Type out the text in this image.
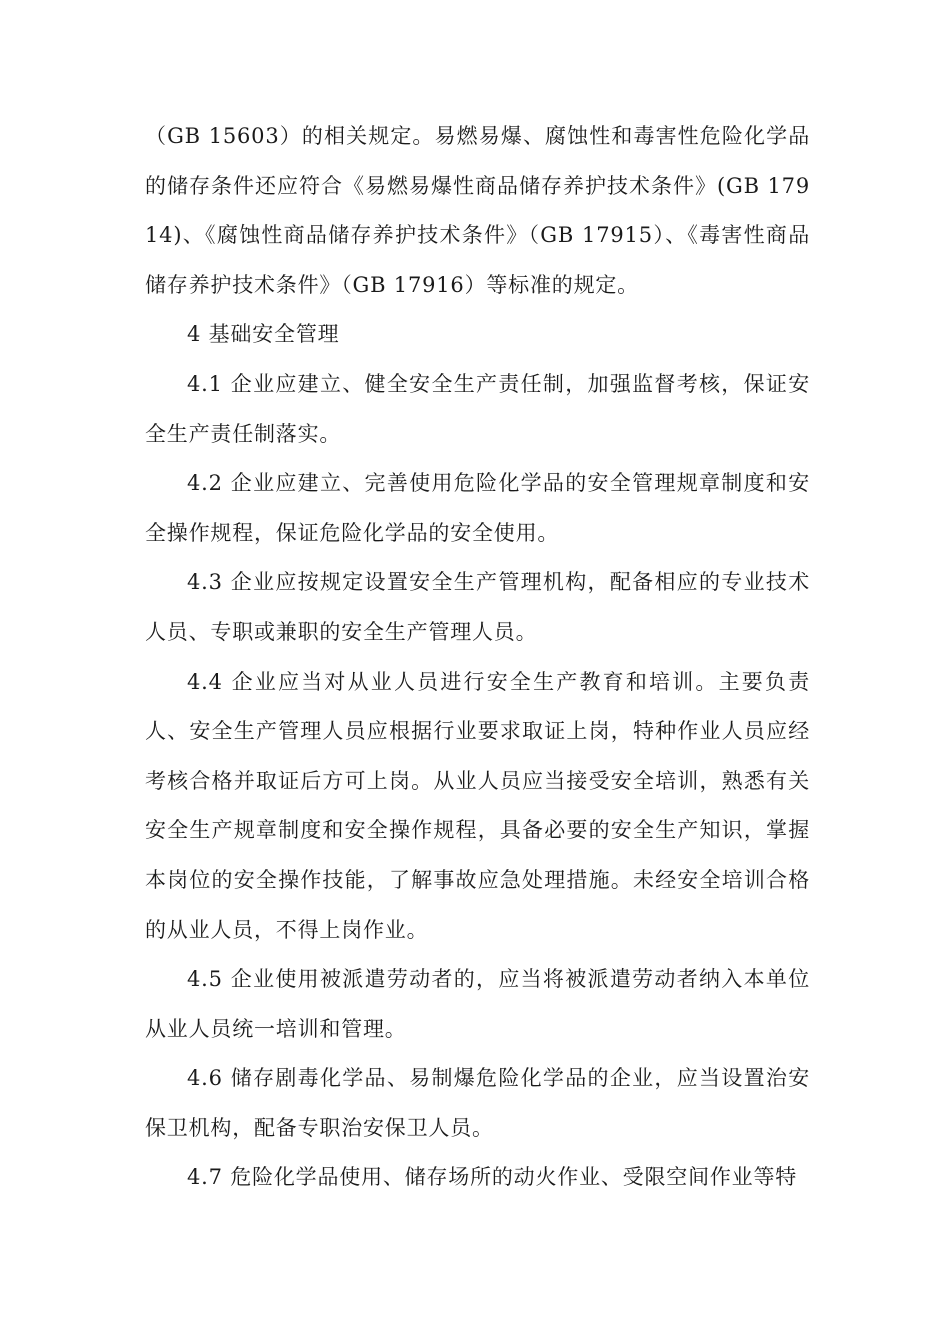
（GB 15603）的相关规定。易燃易爆、腐蚀性和毒害性危险化学品的储存条件还应符合《易燃易爆性商品储存养护技术条件》(GB 17914)、《腐蚀性商品储存养护技术条件》（GB 17915）、《毒害性商品储存养护技术条件》（GB 17916）等标准的规定。

4 基础安全管理

4.1 企业应建立、健全安全生产责任制，加强监督考核，保证安全生产责任制落实。

4.2 企业应建立、完善使用危险化学品的安全管理规章制度和安全操作规程，保证危险化学品的安全使用。

4.3 企业应按规定设置安全生产管理机构，配备相应的专业技术人员、专职或兼职的安全生产管理人员。

4.4 企业应当对从业人员进行安全生产教育和培训。主要负责人、安全生产管理人员应根据行业要求取证上岗，特种作业人员应经考核合格并取证后方可上岗。从业人员应当接受安全培训，熟悉有关安全生产规章制度和安全操作规程，具备必要的安全生产知识，掌握本岗位的安全操作技能，了解事故应急处理措施。未经安全培训合格的从业人员，不得上岗作业。

4.5 企业使用被派遣劳动者的，应当将被派遣劳动者纳入本单位从业人员统一培训和管理。

4.6 储存剧毒化学品、易制爆危险化学品的企业，应当设置治安保卫机构，配备专职治安保卫人员。

4.7 危险化学品使用、储存场所的动火作业、受限空间作业等特
